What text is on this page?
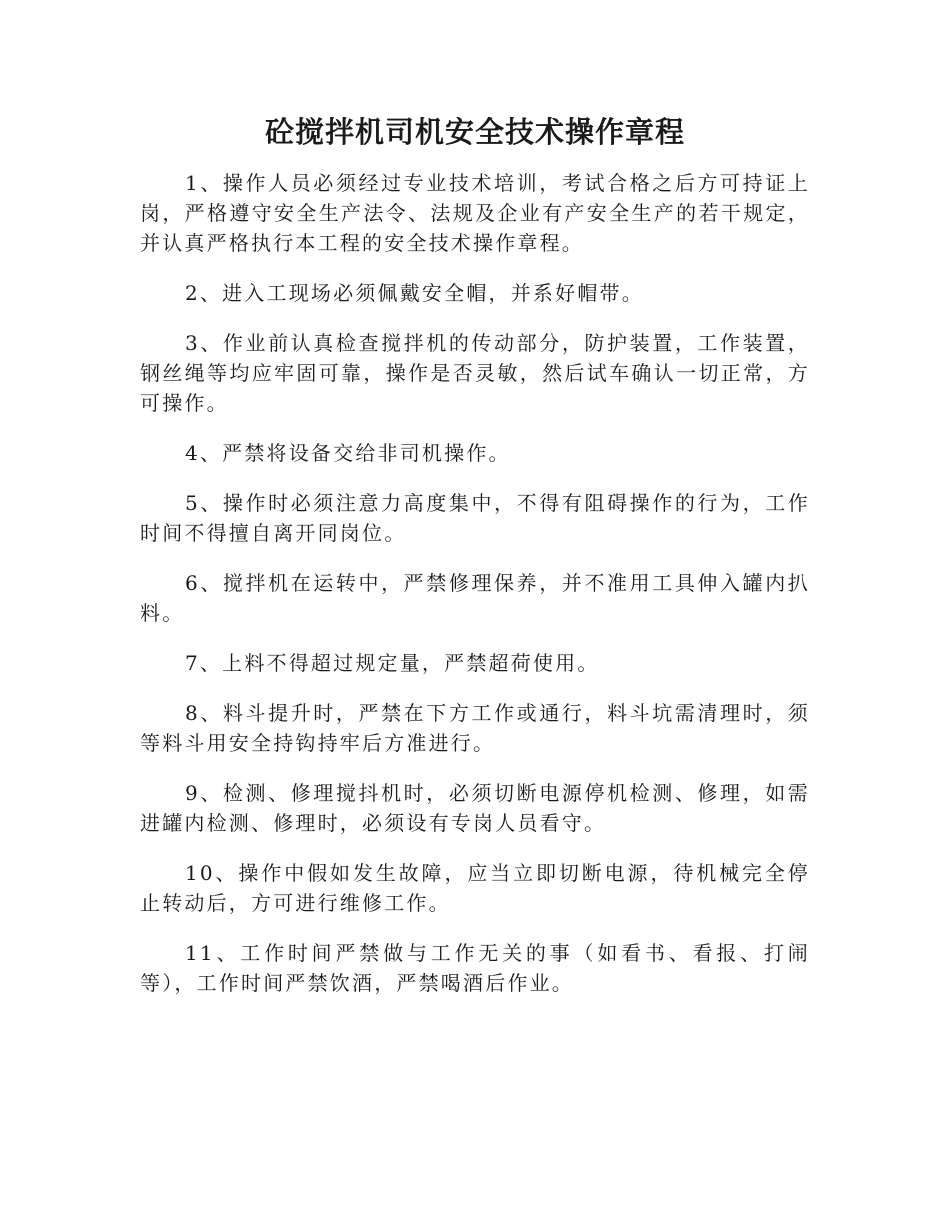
砼搅拌机司机安全技术操作章程

1、操作人员必须经过专业技术培训，考试合格之后方可持证上岗，严格遵守安全生产法令、法规及企业有产安全生产的若干规定，并认真严格执行本工程的安全技术操作章程。

2、进入工现场必须佩戴安全帽，并系好帽带。

3、作业前认真检查搅拌机的传动部分，防护装置，工作装置，钢丝绳等均应牢固可靠，操作是否灵敏，然后试车确认一切正常，方可操作。

4、严禁将设备交给非司机操作。

5、操作时必须注意力高度集中，不得有阻碍操作的行为，工作时间不得擅自离开同岗位。

6、搅拌机在运转中，严禁修理保养，并不准用工具伸入罐内扒料。

7、上料不得超过规定量，严禁超荷使用。

8、料斗提升时，严禁在下方工作或通行，料斗坑需清理时，须等料斗用安全持钩持牢后方准进行。

9、检测、修理搅抖机时，必须切断电源停机检测、修理，如需进罐内检测、修理时，必须设有专岗人员看守。

10、操作中假如发生故障，应当立即切断电源，待机械完全停止转动后，方可进行维修工作。

11、工作时间严禁做与工作无关的事（如看书、看报、打闹等），工作时间严禁饮酒，严禁喝酒后作业。
